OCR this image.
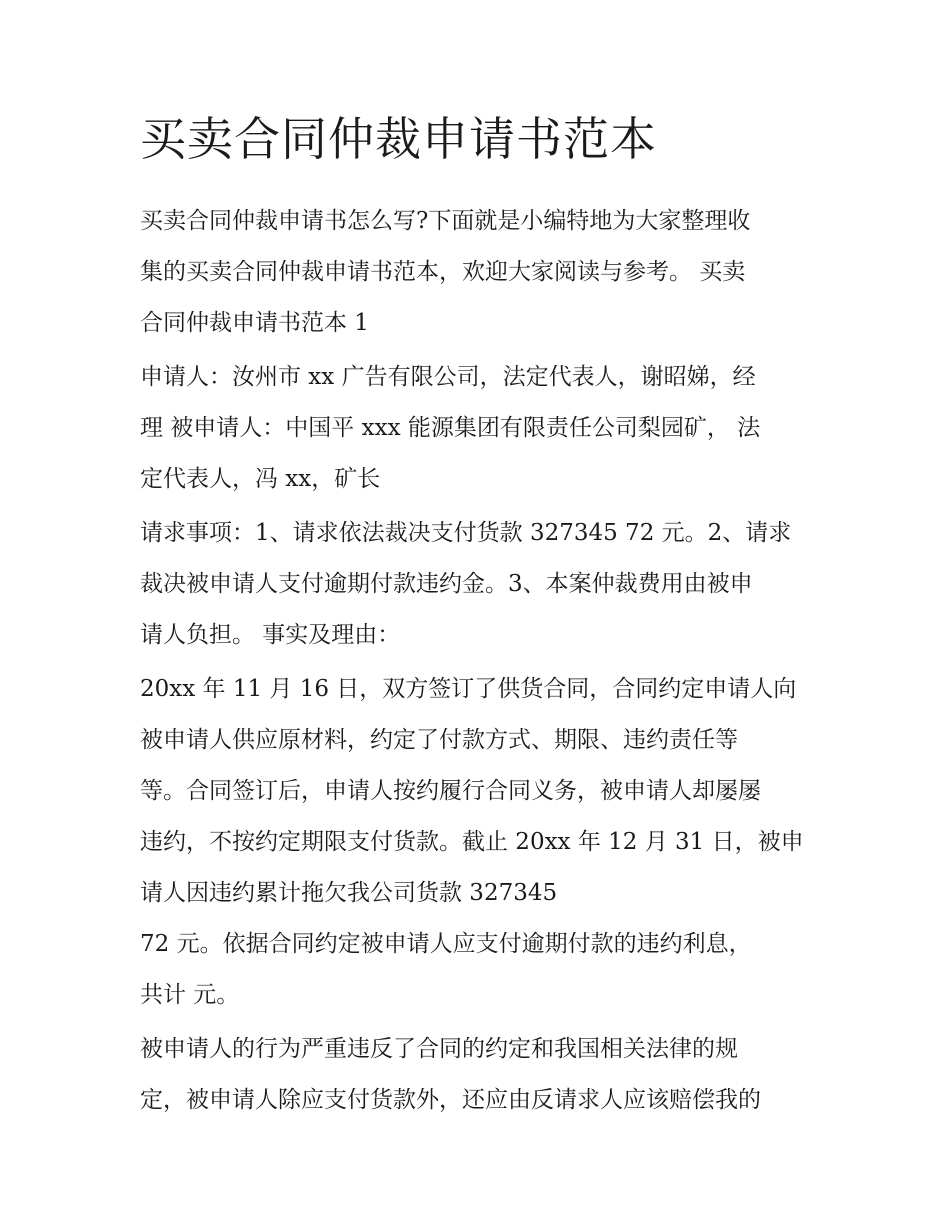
买卖合同仲裁申请书范本

买卖合同仲裁申请书怎么写?下面就是小编特地为大家整理收
集的买卖合同仲裁申请书范本，欢迎大家阅读与参考。 买卖
合同仲裁申请书范本 1

申请人：汝州市 xx 广告有限公司，法定代表人，谢昭娣，经
理 被申请人：中国平 xxx 能源集团有限责任公司梨园矿， 法
定代表人，冯 xx，矿长

请求事项：1、请求依法裁决支付货款 327345 72 元。2、请求
裁决被申请人支付逾期付款违约金。3、本案仲裁费用由被申
请人负担。 事实及理由：

20xx 年 11 月 16 日，双方签订了供货合同，合同约定申请人向
被申请人供应原材料，约定了付款方式、期限、违约责任等
等。合同签订后，申请人按约履行合同义务，被申请人却屡屡
违约，不按约定期限支付货款。截止 20xx 年 12 月 31 日，被申
请人因违约累计拖欠我公司货款 327345
72 元。依据合同约定被申请人应支付逾期付款的违约利息，
共计 元。

被申请人的行为严重违反了合同的约定和我国相关法律的规
定，被申请人除应支付货款外，还应由反请求人应该赔偿我的
